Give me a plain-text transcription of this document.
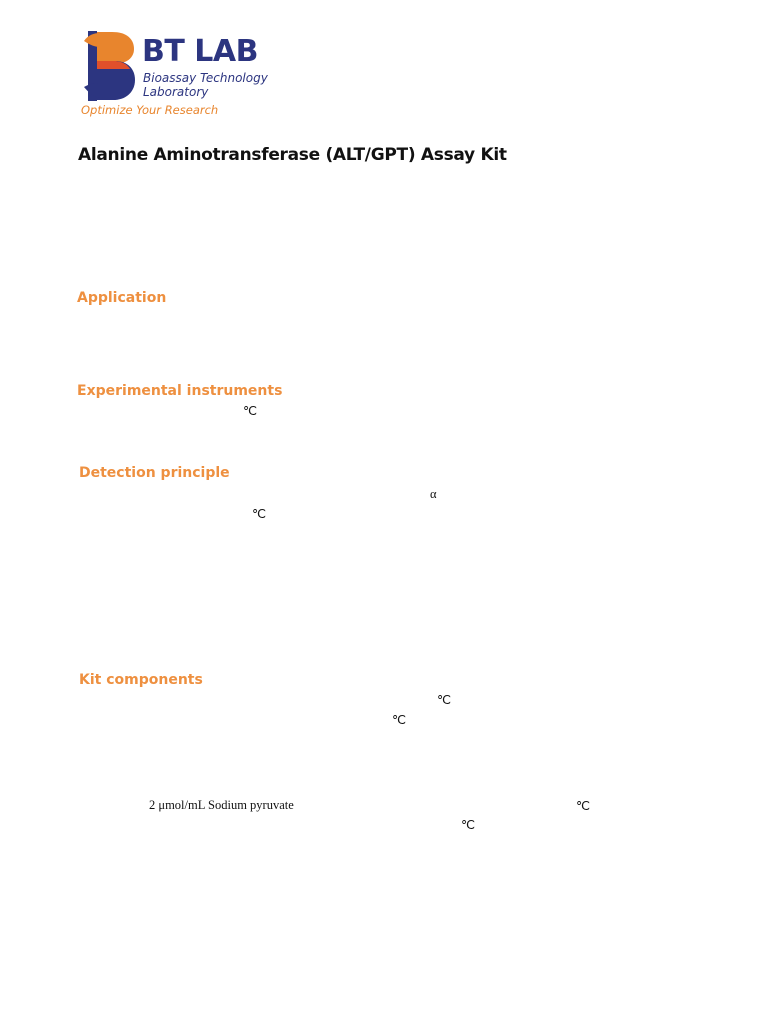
BT LAB
Bioassay Technology
Laboratory
Optimize Your Research
Alanine Aminotransferase (ALT/GPT) Assay Kit
Application
Experimental instruments
℃
Detection principle
α
℃
Kit components
℃
℃
2 μmol/mL Sodium pyruvate	℃
℃
